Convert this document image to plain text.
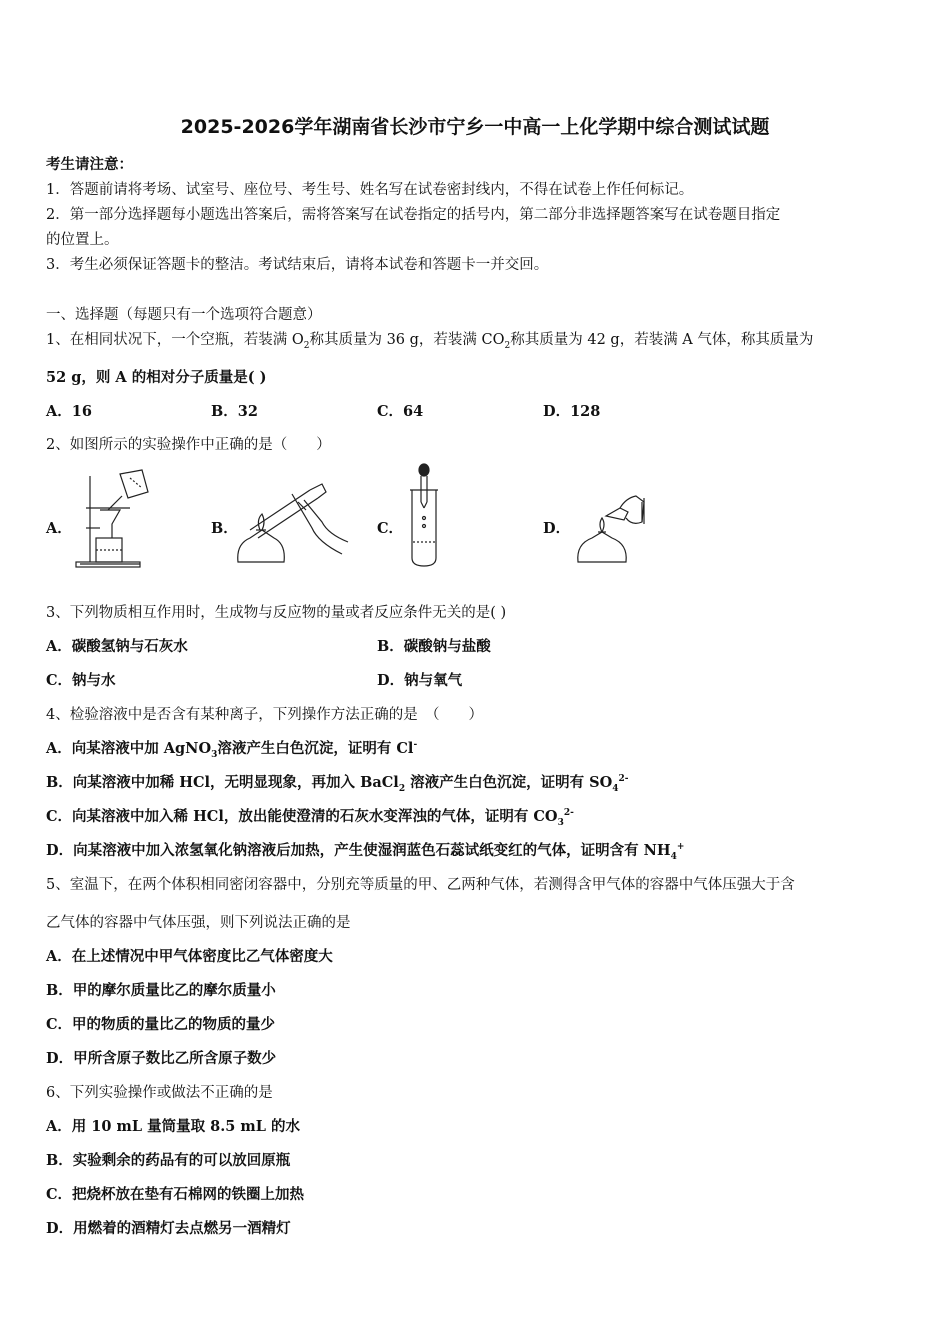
2025-2026学年湖南省长沙市宁乡一中高一上化学期中综合测试试题
考生请注意：
1．答题前请将考场、试室号、座位号、考生号、姓名写在试卷密封线内，不得在试卷上作任何标记。
2．第一部分选择题每小题选出答案后，需将答案写在试卷指定的括号内，第二部分非选择题答案写在试卷题目指定
的位置上。
3．考生必须保证答题卡的整洁。考试结束后，请将本试卷和答题卡一并交回。
一、选择题（每题只有一个选项符合题意）
1、在相同状况下，一个空瓶，若装满 $O_2$称其质量为 36 g，若装满 $CO_2$称其质量为 42 g，若装满 A 气体，称其质量为
52 g，则 A 的相对分子质量是( )
A．16	B．32	C．64	D．128
2、如图所示的实验操作中正确的是（　　）
A．	B．	C．	D．
3、下列物质相互作用时，生成物与反应物的量或者反应条件无关的是( )
A．碳酸氢钠与石灰水	B．碳酸钠与盐酸
C．钠与水	D．钠与氧气
4、检验溶液中是否含有某种离子，下列操作方法正确的是　（　　）
A．向某溶液中加 AgNO$_3$溶液产生白色沉淀，证明有 Cl-
B．向某溶液中加稀 HCl，无明显现象，再加入 BaCl$_2$ 溶液产生白色沉淀，证明有 $SO_4^{2-}$
C．向某溶液中加入稀 HCl，放出能使澄清的石灰水变浑浊的气体，证明有 $CO_3^{2-}$
D．向某溶液中加入浓氢氧化钠溶液后加热，产生使湿润蓝色石蕊试纸变红的气体，证明含有 $NH_4^+$
5、室温下，在两个体积相同密闭容器中，分别充等质量的甲、乙两种气体，若测得含甲气体的容器中气体压强大于含
乙气体的容器中气体压强，则下列说法正确的是
A．在上述情况中甲气体密度比乙气体密度大
B．甲的摩尔质量比乙的摩尔质量小
C．甲的物质的量比乙的物质的量少
D．甲所含原子数比乙所含原子数少
6、下列实验操作或做法不正确的是
A．用 10 mL 量筒量取 8.5 mL 的水
B．实验剩余的药品有的可以放回原瓶
C．把烧杯放在垫有石棉网的铁圈上加热
D．用燃着的酒精灯去点燃另一酒精灯
